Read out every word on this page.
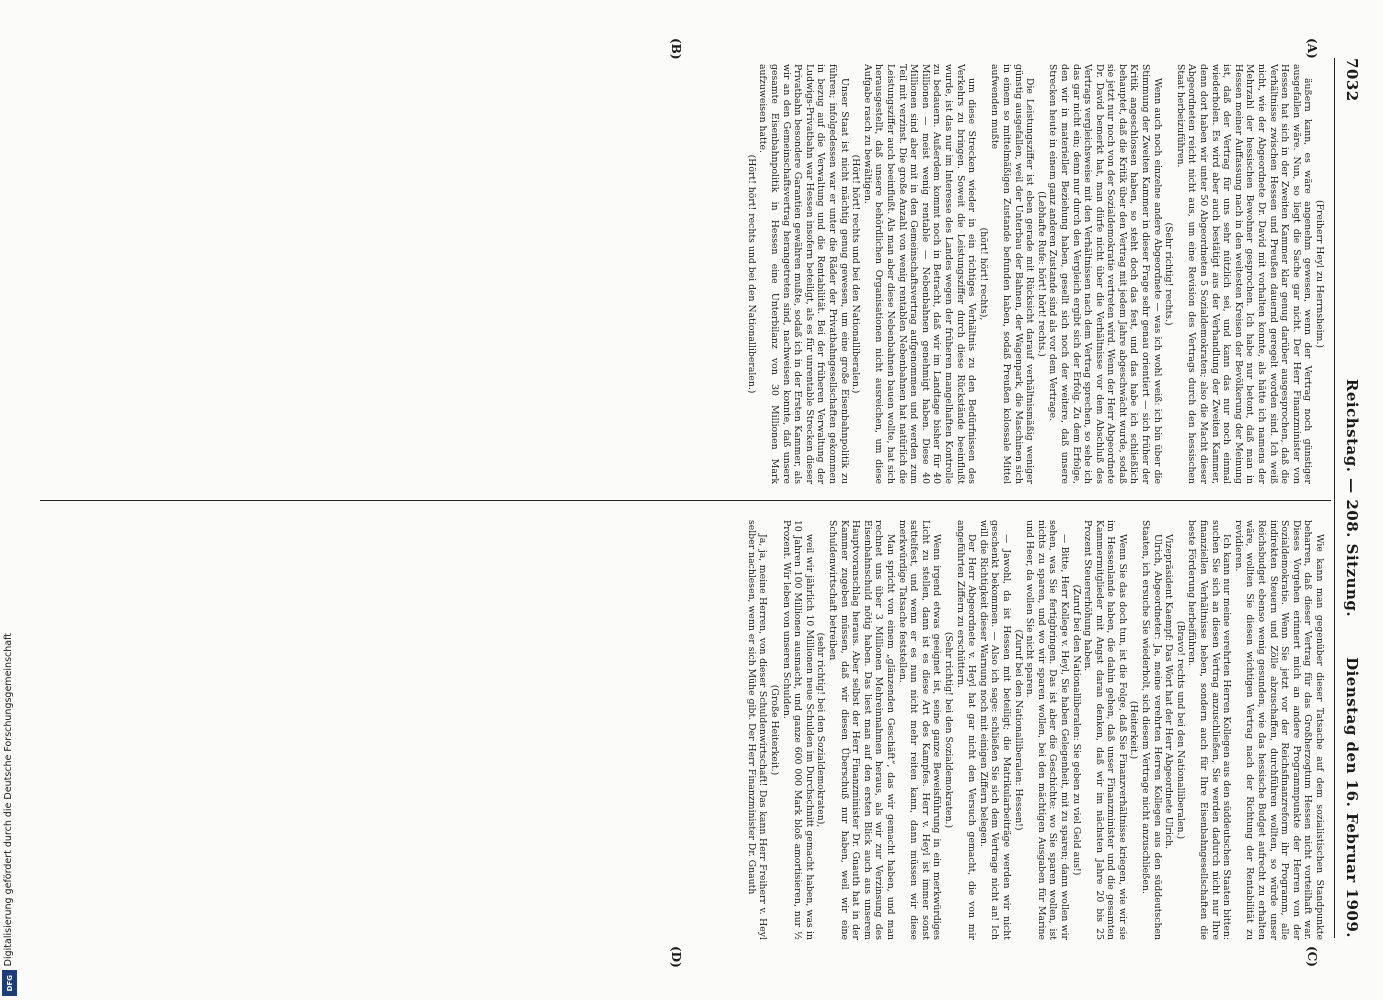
7032
Reichstag. — 208. Sitzung.
Dienstag den 16. Februar 1909.
(A)
(B)
(C)
(D)

(Freiherr Heyl zu Herrnsheim.)

äußern kann, es wäre angenehm gewesen, wenn der Vertrag noch günstiger ausgefallen wäre. Nun, so liegt die Sache gar nicht. Der Herr Finanzminister von Hessen hat sich in der Zweiten Kammer klar genug darüber ausgesprochen, daß die Verhältnisse zwischen Hessen und Preußen dauernd geregelt worden sind. Ich weiß nicht, wie der Abgeordnete Dr. David mit vorhalten konnte, als hätte ich namens der Mehrzahl der hessischen Bewohner gesprochen. Ich habe nur betont, daß man in Hessen meiner Auffassung nach in den weitesten Kreisen der Bevölkerung der Meinung ist, daß der Vertrag für uns sehr nützlich sei, und kann das nur noch einmal wiederholen. Es wird aber auch bestätigt aus der Verhandlung der Zweiten Kammer, denn dort haben wir unter 50 Abgeordneten 5 Sozialdemokraten; also die Macht dieser Abgeordneten reicht nicht aus, um eine Revision des Vertrags durch den hessischen Staat herbeizuführen.

(Sehr richtig! rechts.)

Wenn auch noch einzelne andere Abgeordnete — was ich wohl weiß: ich bin über die Stimmung der Zweiten Kammer in dieser Frage sehr genau orientiert — sich früher der Kritik angeschlossen haben, so steht doch das fest, und das habe ich schließlich behauptet, daß die Kritik über den Vertrag mit jedem Jahre abgeschwächt wurde, sodaß sie jetzt nur noch von der Sozialdemokratie vertreten wird. Wenn der Herr Abgeordnete Dr. David bemerkt hat, man dürfe nicht über die Verhältnisse vor dem Abschluß des Vertrags vergleichsweise mit den Verhältnissen nach dem Vertrag sprechen, so sehe ich das gar nicht ein; denn nur durch den Vergleich ergibt sich der Erfolg. Zu dem Erfolge, den wir in materieller Beziehung haben, gesellt sich noch der weitere, daß unsere Strecken heute in einem ganz anderen Zustande sind als vor dem Vertrage.

(Lebhafte Rufe: hört! hört! rechts.)

Die Leistungsziffer ist eben gerade mit Rücksicht darauf verhältnismäßig weniger günstig ausgefallen, weil der Unterbau der Bahnen, der Wagenpark, die Maschinen sich in einem so mittelmäßigen Zustande befunden haben, sodaß Preußen kolossale Mittel aufwenden mußte

(hört! hört! rechts),

um diese Strecken wieder in ein richtiges Verhältnis zu den Bedürfnissen des Verkehrs zu bringen. Soweit die Leistungsziffer durch diese Rückstände beeinflußt wurde, ist das nur im Interesse des Landes wegen der früheren mangelhaften Kontrolle zu bedauern. Außerdem kommt noch in Betracht, daß wir im Landtage bisher für 40 Millionen — meist wenig rentable — Nebenbahnen genehmigt haben. Diese 40 Millionen sind aber mit in den Gemeinschaftsvertrag aufgenommen und werden zum Teil mit verzinst. Die große Anzahl von wenig rentablen Nebenbahnen hat natürlich die Leistungsziffer auch beeinflußt. Als man aber diese Nebenbahnen bauen wollte, hat sich herausgestellt, daß unsere behördlichen Organisationen nicht ausreichen, um diese Aufgabe rasch zu bewältigen.

(Hört! hört! rechts und bei den Nationalliberalen.)

Unser Staat ist nicht mächtig genug gewesen, um eine große Eisenbahnpolitik zu führen; infolgedessen war er unter die Räder der Privatbahngesellschaften gekommen in bezug auf die Verwaltung und die Rentabilität. Bei der früheren Verwaltung der Ludwigs-Privatbahn war Hessen insofern beteiligt, als es für unrentable Strecken dieser Privatbahn besondere Garantien gewähren mußte, sodaß ich in der Ersten Kammer, als wir an den Gemeinschaftsvertrag herangetreten sind, nachweisen konnte, daß unsere gesamte Eisenbahnpolitik in Hessen eine Unterbilanz von 30 Millionen Mark aufzuweisen hatte.

(Hört! hört! rechts und bei den Nationalliberalen.)

Wie kann man gegenüber dieser Tatsache auf dem sozialistischen Standpunkte beharren, daß dieser Vertrag für das Großherzogtum Hessen nicht vorteilhaft war. Dieses Vorgehen erinnert mich an andere Programmpunkte der Herren von der Sozialdemokratie. Wenn Sie jetzt vor der Reichsfinanzreform ihr Programm, alle indirekten Steuern und Zölle abzuschaffen, durchführen wollten, so würde unser Reichsbudget ebenso wenig gesunden, wie das hessische Budget aufrecht zu erhalten wäre, wollten Sie diesen wichtigen Vertrag nach der Richtung der Rentabilität zu revidieren.

Ich kann nur meine verehrten Herren Kollegen aus den süddeutschen Staaten bitten: suchen Sie sich an diesen Vertrag anzuschließen, Sie werden dadurch nicht nur Ihre finanziellen Verhältnisse heben, sondern auch für Ihre Eisenbahngesellschaften die beste Förderung herbeiführen.

(Bravo! rechts und bei den Nationalliberalen.)

Vizepräsident Kaempf: Das Wort hat der Herr Abgeordnete Ulrich.

Ulrich, Abgeordneter: Ja, meine verehrten Herren Kollegen aus den süddeutschen Staaten, ich ersuche Sie wiederholt, sich diesem Vertrage nicht anzuschließen.

(Heiterkeit.)

Wenn Sie das doch tun, ist die Folge, daß Sie Finanzverhältnisse kriegen, wie wir sie im Hessenlande haben, die dahin gehen, daß unser Finanzminister und die gesamten Kammermitglieder mit Angst daran denken, daß wir im nächsten Jahre 20 bis 25 Prozent Steuererhöhung haben.

(Zuruf bei den Nationalliberalen: Sie geben zu viel Geld aus!)

— Bitte, Herr Kollege v. Heyl, Sie haben Gelegenheit, mit zu sparen; dann wollen wir sehen, was Sie fertigbringen. Das ist aber die Geschichte: wo Sie sparen wollen, ist nichts zu sparen, und wo wir sparen wollen, bei den mächtigen Ausgaben für Marine und Heer, da wollen Sie nicht sparen.

(Zuruf bei den Nationalliberalen: Hessen!)

— Jawohl, da ist Hessen mit beteiligt; die Matrikularbeiträge werden wir nicht geschenkt bekommen. — Also ich sage: schließen Sie sich dem Vertrage nicht an! Ich will die Richtigkeit dieser Warnung noch mit einigen Ziffern belegen.

Der Herr Abgeordnete v. Heyl hat gar nicht den Versuch gemacht, die von mir angeführten Ziffern zu erschüttern.

(Sehr richtig! bei den Sozialdemokraten.)

Wenn irgend etwas geeignet ist, seine ganze Beweisführung in ein merkwürdiges Licht zu stellen, dann ist es diese Art des Kampfes. Herr v. Heyl ist immer sonst sattelfest, und wenn er es nun nicht mehr reiten kann, dann müssen wir diese merkwürdige Tatsache feststellen.

Man spricht von einem „glänzenden Geschäft“, das wir gemacht haben, und man rechnet uns über 3 Millionen Mehreinnahmen heraus, als wir zur Verzinsung des Eisenbahnschuld nötig haben. Das liest man auf den ersten Blick auch aus unserem Hauptvoranschlag heraus. Aber selbst der Herr Finanzminister Dr. Gnauth hat in der Kammer zugeben müssen, daß wir diesen Überschuß nur haben, weil wir eine Schuldenwirtschaft betreiben

(sehr richtig! bei den Sozialdemokraten),

weil wir jährlich 10 Millionen neue Schulden im Durchschnitt gemacht haben, was in 10 Jahren 100 Millionen ausmacht, und ganze 600 000 Mark bloß amortisieren, nur ½ Prozent. Wir leben von unseren Schulden.

(Große Heiterkeit.)

Ja, ja, meine Herren, von dieser Schuldenwirtschaft! Das kann Herr Freiherr v. Heyl selber nachlesen, wenn er sich Mühe gibt. Der Herr Finanzminister Dr. Gnauth

Digitalisierung gefördert durch die Deutsche Forschungsgemeinschaft
DFG
